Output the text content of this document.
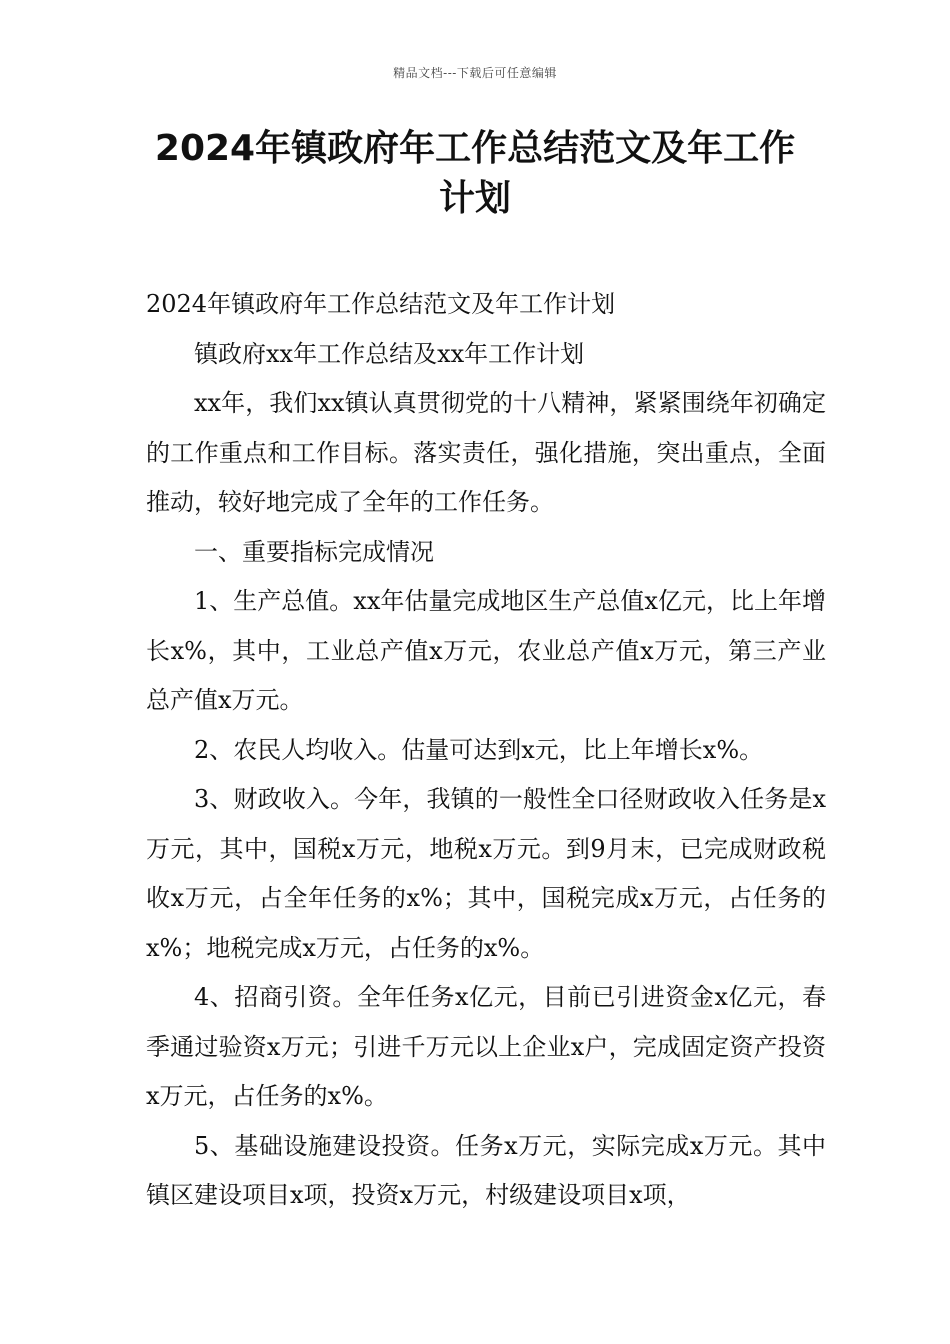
精品文档---下载后可任意编辑
2024年镇政府年工作总结范文及年工作
计划

2024年镇政府年工作总结范文及年工作计划

镇政府xx年工作总结及xx年工作计划

xx年，我们xx镇认真贯彻党的十八精神，紧紧围绕年初确定的工作重点和工作目标。落实责任，强化措施，突出重点，全面推动，较好地完成了全年的工作任务。

一、重要指标完成情况

1、生产总值。xx年估量完成地区生产总值x亿元，比上年增长x%，其中，工业总产值x万元，农业总产值x万元，第三产业总产值x万元。

2、农民人均收入。估量可达到x元，比上年增长x%。

3、财政收入。今年，我镇的一般性全口径财政收入任务是x万元，其中，国税x万元，地税x万元。到9月末，已完成财政税收x万元，占全年任务的x%；其中，国税完成x万元，占任务的x%；地税完成x万元，占任务的x%。

4、招商引资。全年任务x亿元，目前已引进资金x亿元，春季通过验资x万元；引进千万元以上企业x户，完成固定资产投资x万元，占任务的x%。

5、基础设施建设投资。任务x万元，实际完成x万元。其中镇区建设项目x项，投资x万元，村级建设项目x项，
